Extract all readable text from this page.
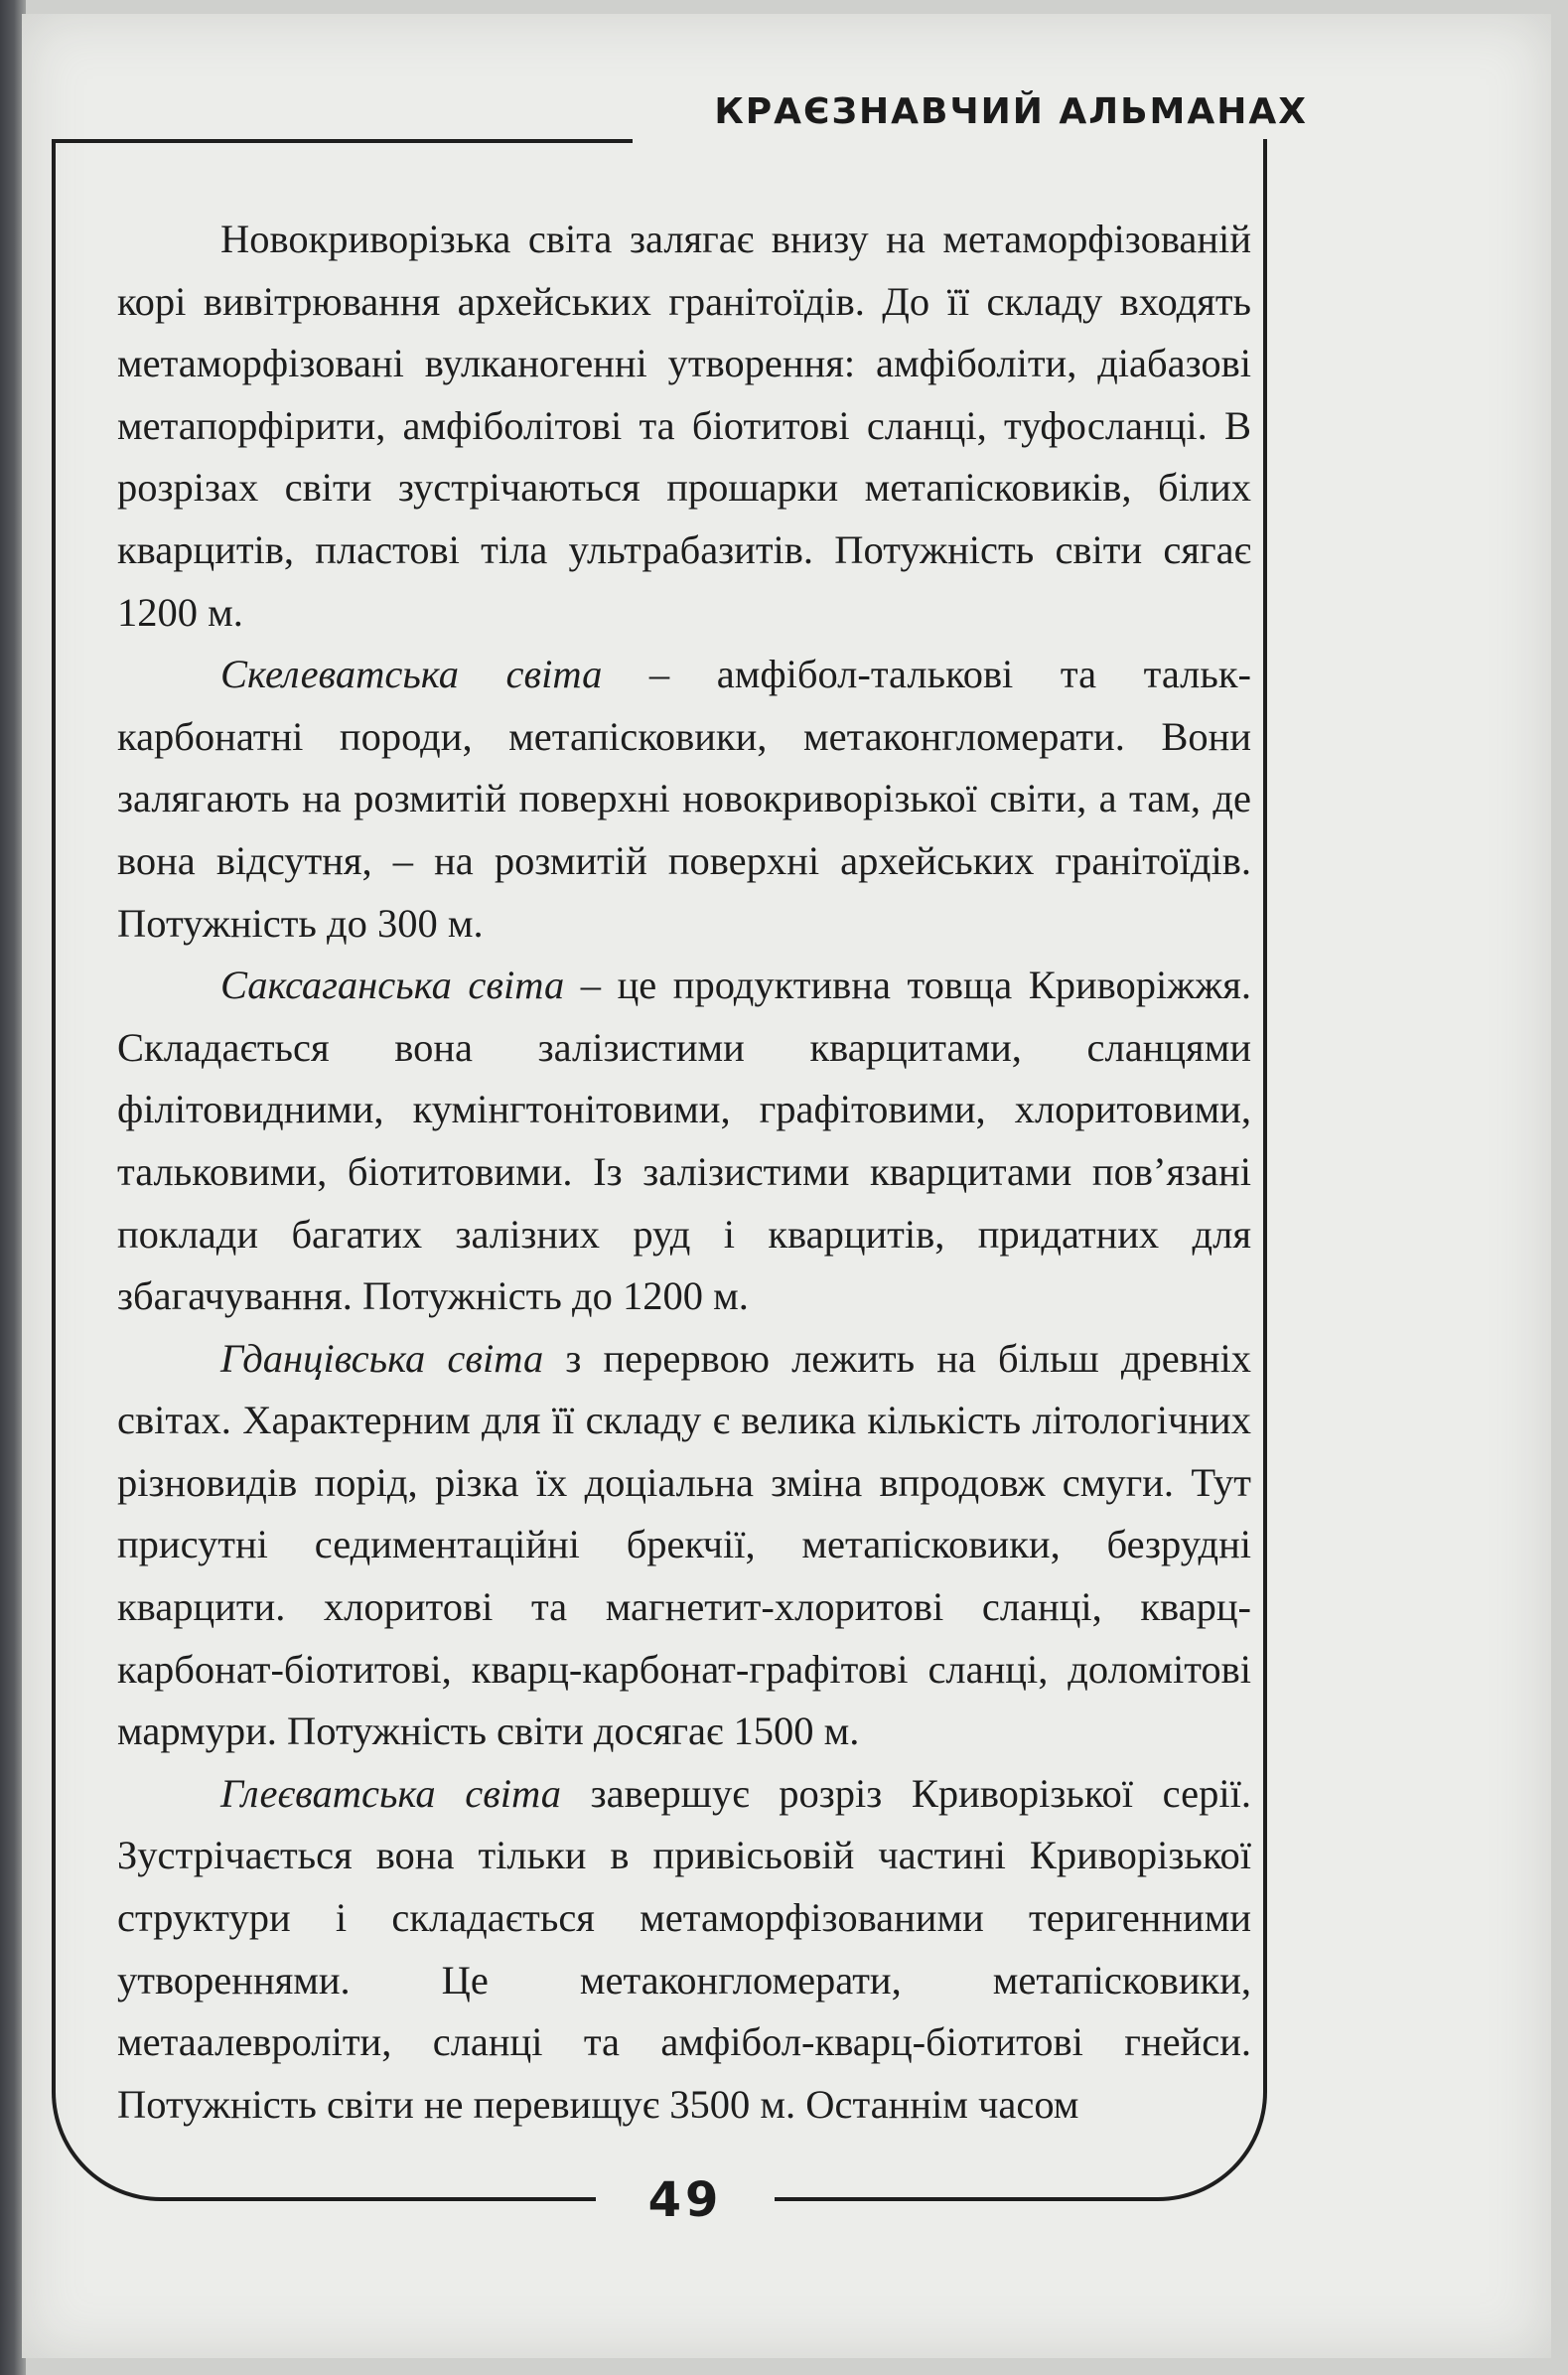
КРАЄЗНАВЧИЙ АЛЬМАНАХ
49

Новокриворізька світа залягає внизу на метаморфізованій корі вивітрювання архейських гранітоїдів. До її складу входять метаморфізовані вулканогенні утворення: амфіболіти, діабазові метапорфірити, амфіболітові та біотитові сланці, туфосланці. В розрізах світи зустрічаються прошарки метапісковиків, білих кварцитів, пластові тіла ультрабазитів. Потужність світи сягає 1200 м.

Скелеватська світа – амфібол-талькові та тальк-карбонатні породи, метапісковики, метаконгломерати. Вони залягають на розмитій поверхні новокриворізької світи, а там, де вона відсутня, – на розмитій поверхні архейських гранітоїдів. Потужність до 300 м.

Саксаганська світа – це продуктивна товща Криворіжжя. Складається вона залізистими кварцитами, сланцями філітовидними, кумінгтонітовими, графітовими, хлоритовими, тальковими, біотитовими. Із залізистими кварцитами пов’язані поклади багатих залізних руд і кварцитів, придатних для збагачування. Потужність до 1200 м.

Гданцівська світа з перервою лежить на більш древніх світах. Характерним для її складу є велика кількість літологічних різновидів порід, різка їх доціальна зміна впродовж смуги. Тут присутні седиментаційні брекчії, метапісковики, безрудні кварцити. хлоритові та магнетит-хлоритові сланці, кварц-карбонат-біотитові, кварц-карбонат-графітові сланці, доломітові мармури. Потужність світи досягає 1500 м.

Глеєватська світа завершує розріз Криворізької серії. Зустрічається вона тільки в привісьовій частині Криворізької структури і складається метаморфізованими теригенними утвореннями. Це метаконгломерати, метапісковики, метаалевроліти, сланці та амфібол-кварц-біотитові гнейси. Потужність світи не перевищує 3500 м. Останнім часом
